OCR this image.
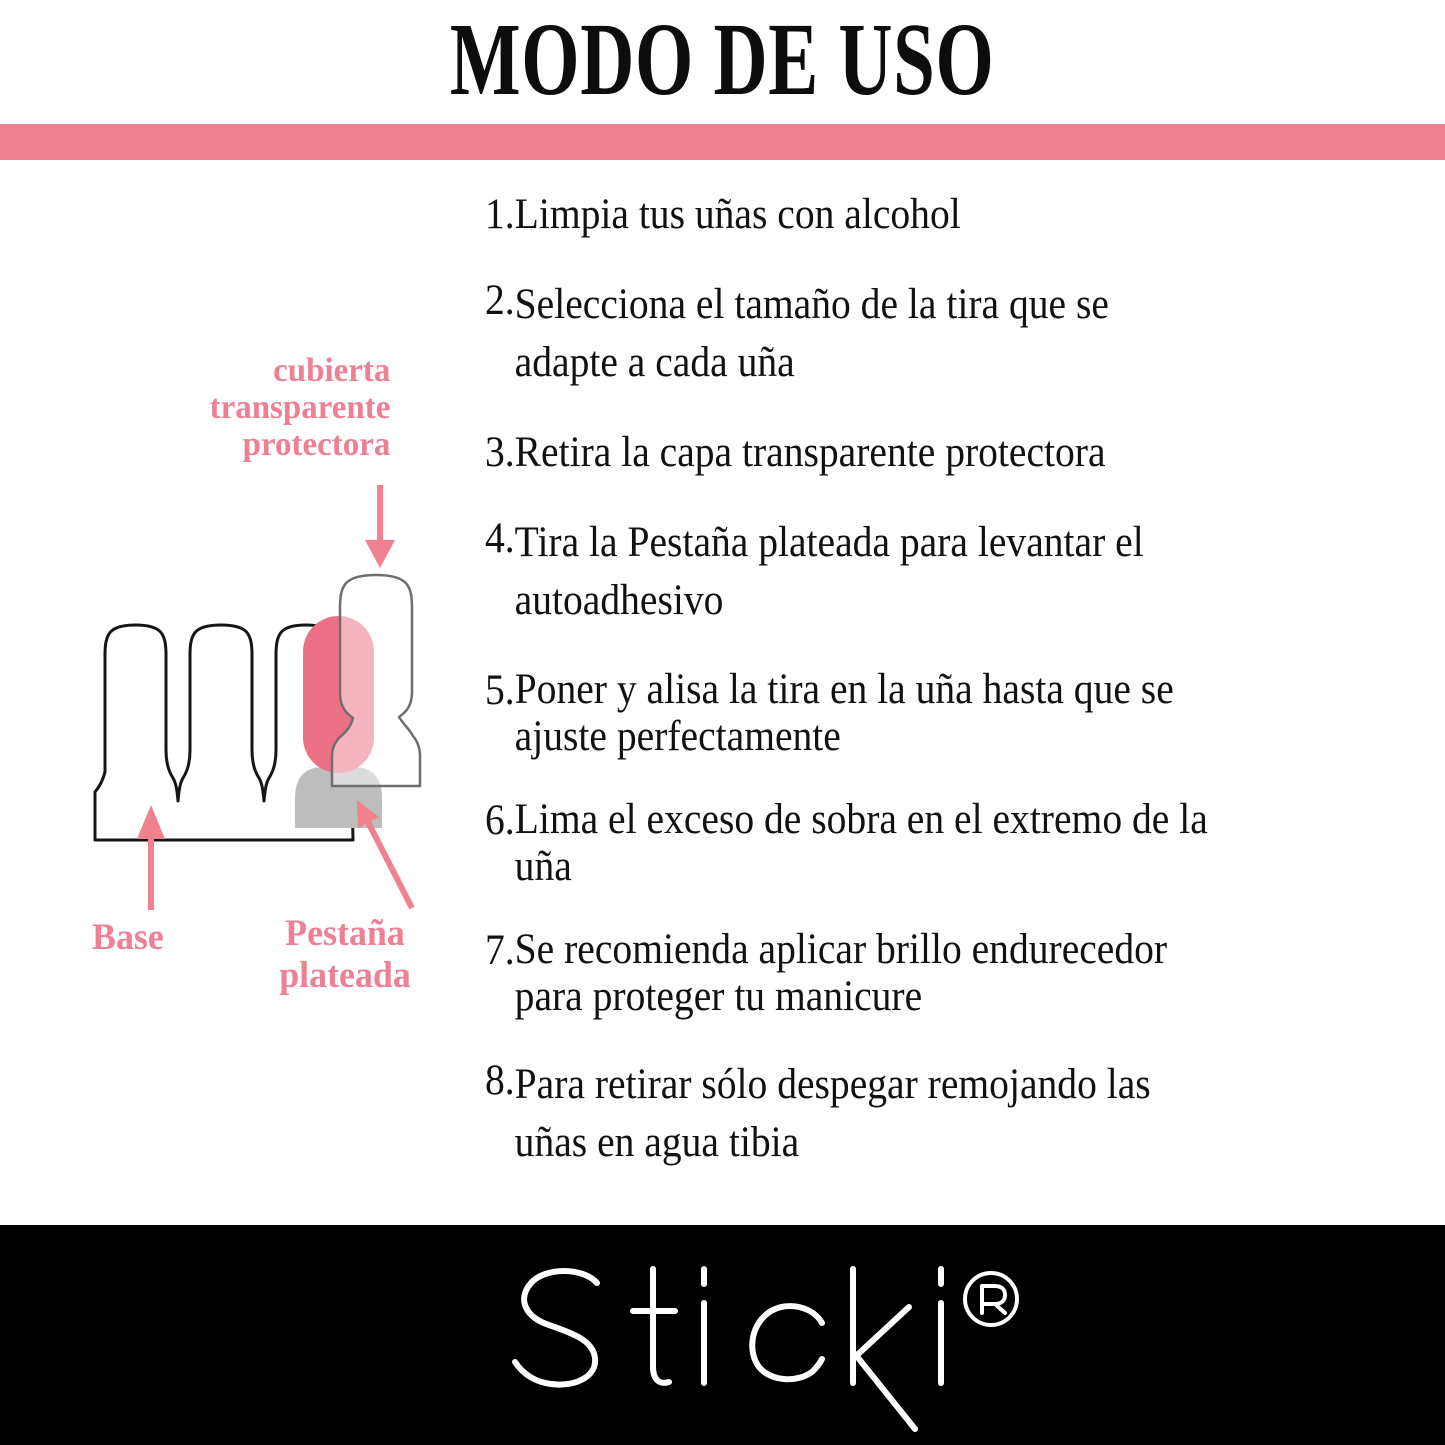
MODO DE USO
cubierta
transparente
protectora
Base	Pestaña
plateada
1. Limpia tus uñas con alcohol
2. Selecciona el tamaño de la tira que se
adapte a cada uña
3. Retira la capa transparente protectora
4. Tira la Pestaña plateada para levantar el
autoadhesivo
5. Poner y alisa la tira en la uña hasta que se
ajuste perfectamente
6. Lima el exceso de sobra en el extremo de la
uña
7. Se recomienda aplicar brillo endurecedor
para proteger tu manicure
8. Para retirar sólo despegar remojando las
uñas en agua tibia
